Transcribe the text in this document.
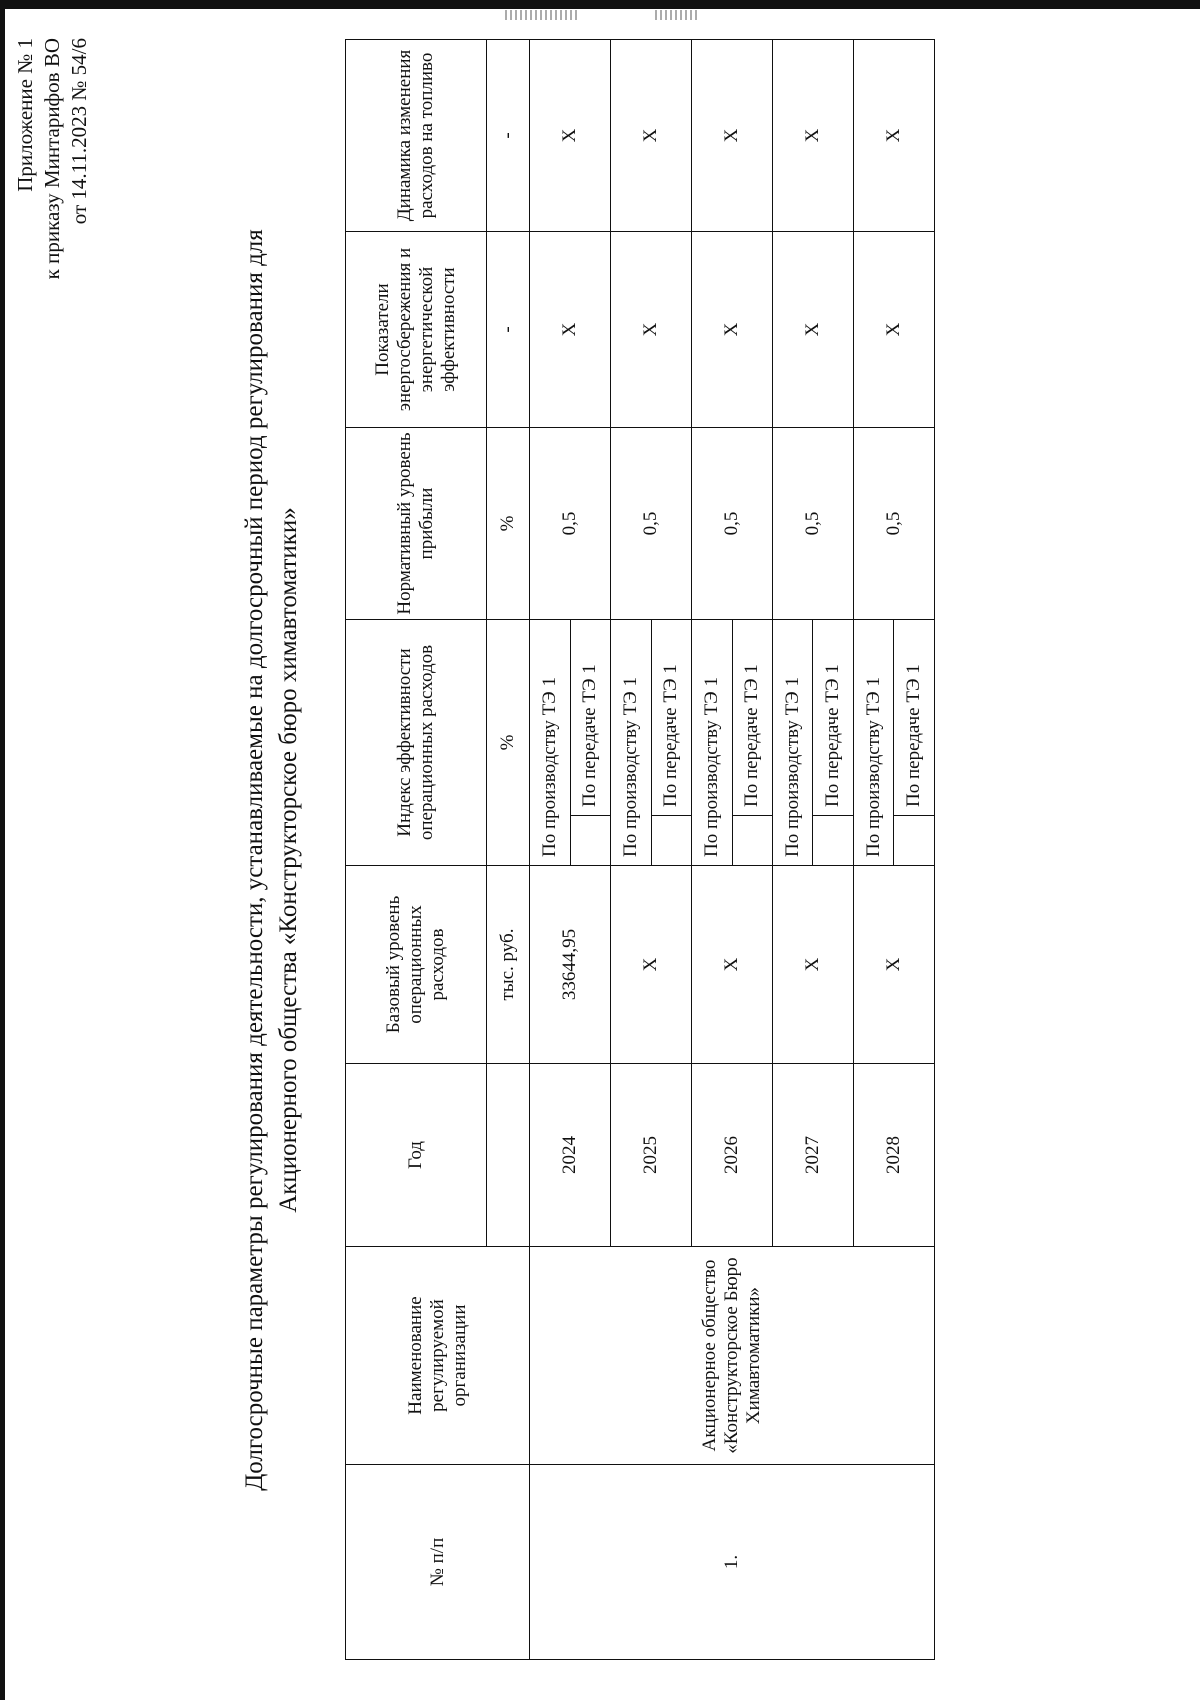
Приложение № 1 к приказу Минтарифов ВО от 14.11.2023 № 54/6
Долгосрочные параметры регулирования деятельности, устанавливаемые на долгосрочный период регулирования для Акционерного общества «Конструкторское бюро химавтоматики»
№ п/п	Наименование регулируемой организации	Год	Базовый уровень операционных расходов	Индекс эффективности операционных расходов		Нормативный уровень прибыли	Показатели энергосбережения и энергетической эффективности	Динамика изменения расходов на топливо
			тыс. руб.	%		%	-	-
1.	Акционерное общество «Конструкторское Бюро Химавтоматики»	2024	33644,95	По производству ТЭ 1		0,5	X	X
					По передаче ТЭ 1			
		2025	X	По производству ТЭ 1		0,5	X	X
					По передаче ТЭ 1			
		2026	X	По производству ТЭ 1		0,5	X	X
					По передаче ТЭ 1			
		2027	X	По производству ТЭ 1		0,5	X	X
					По передаче ТЭ 1			
		2028	X	По производству ТЭ 1		0,5	X	X
					По передаче ТЭ 1			
